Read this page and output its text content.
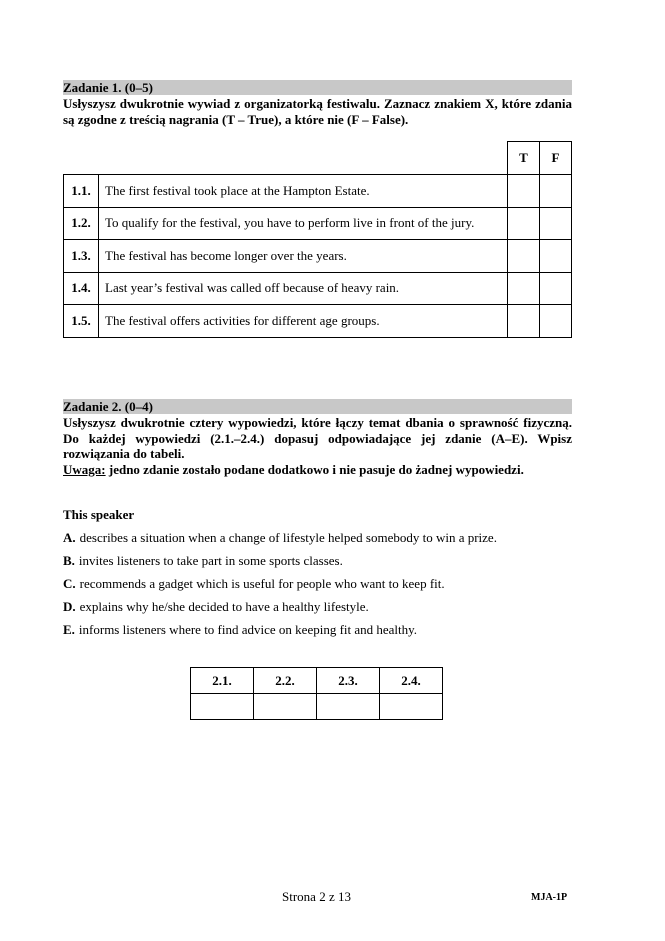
Zadanie 1. (0–5)

Usłyszysz dwukrotnie wywiad z organizatorką festiwalu. Zaznacz znakiem X, które zdania są zgodne z treścią nagrania (T – True), a które nie (F – False).

		T	F
1.1.	The first festival took place at the Hampton Estate.		
1.2.	To qualify for the festival, you have to perform live in front of the jury.		
1.3.	The festival has become longer over the years.		
1.4.	Last year’s festival was called off because of heavy rain.		
1.5.	The festival offers activities for different age groups.		
Zadanie 2. (0–4)

Usłyszysz dwukrotnie cztery wypowiedzi, które łączy temat dbania o sprawność fizyczną. Do każdej wypowiedzi (2.1.–2.4.) dopasuj odpowiadające jej zdanie (A–E). Wpisz rozwiązania do tabeli.

Uwaga: jedno zdanie zostało podane dodatkowo i nie pasuje do żadnej wypowiedzi.

This speaker
A. describes a situation when a change of lifestyle helped somebody to win a prize.
B. invites listeners to take part in some sports classes.
C. recommends a gadget which is useful for people who want to keep fit.
D. explains why he/she decided to have a healthy lifestyle.
E. informs listeners where to find advice on keeping fit and healthy.
2.1.	2.2.	2.3.	2.4.

Strona 2 z 13	MJA-1P
